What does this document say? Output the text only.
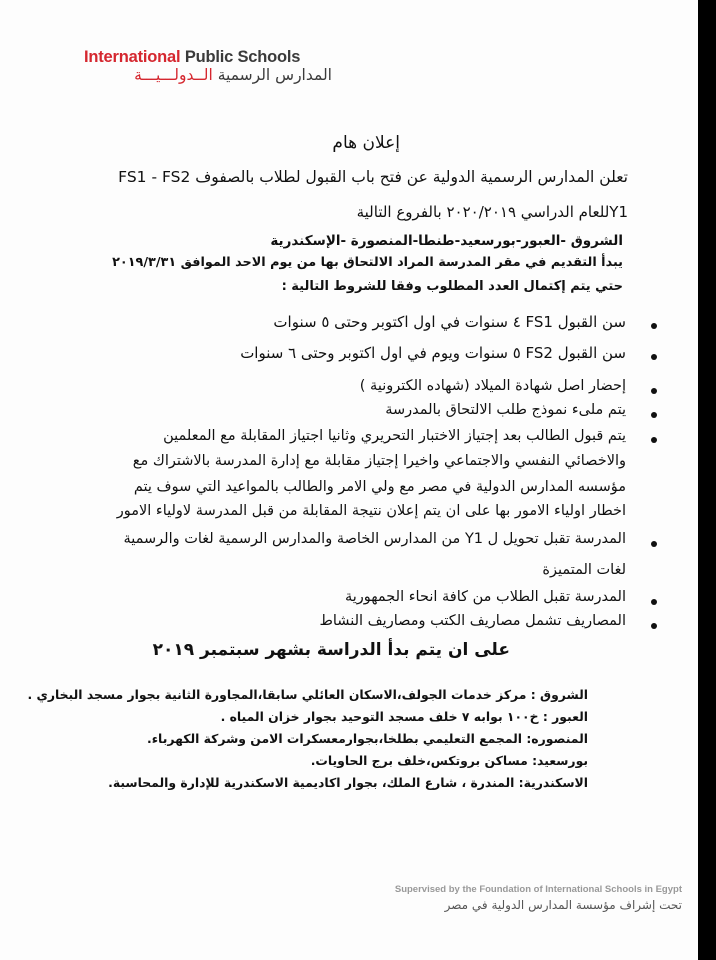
International Public Schools
المدارس الرسمية الــدولـــيـــة
إعلان هام
تعلن المدارس الرسمية الدولية عن فتح باب القبول لطلاب بالصفوف FS1 - FS2
Y1للعام الدراسي ٢٠٢٠/٢٠١٩ بالفروع التالية
الشروق -العبور-بورسعيد-طنطا-المنصورة -الإسكندرية
يبدأ التقديم في مقر المدرسة المراد الالتحاق بها من يوم الاحد الموافق ٢٠١٩/٣/٣١
حتي يتم إكتمال العدد المطلوب وفقا للشروط التالية :
سن القبول FS1 ٤ سنوات في اول اكتوبر وحتى ٥ سنوات
سن القبول FS2 ٥ سنوات ويوم في اول اكتوبر وحتى ٦ سنوات
إحضار اصل شهادة الميلاد (شهاده الكترونية )
يتم ملىء نموذج طلب الالتحاق بالمدرسة
يتم قبول الطالب بعد إجتياز الاختبار التحريري وثانيا اجتياز المقابلة مع المعلمين
والاخصائي النفسي والاجتماعي واخيرا إجتياز مقابلة مع إدارة المدرسة بالاشتراك مع
مؤسسه المدارس الدولية في مصر مع ولي الامر والطالب بالمواعيد التي سوف يتم
اخطار اولياء الامور بها على ان يتم إعلان نتيجة المقابلة من قبل المدرسة لاولياء الامور
المدرسة تقبل تحويل ل Y1 من المدارس الخاصة والمدارس الرسمية لغات والرسمية
لغات المتميزة
المدرسة تقبل الطلاب من كافة انحاء الجمهورية
المصاريف تشمل مصاريف الكتب ومصاريف النشاط
على ان يتم بدأ الدراسة بشهر سبتمبر ٢٠١٩
الشروق : مركز خدمات الجولف،الاسكان العائلي سابقا،المجاورة الثانية بجوار مسجد البخاري .
العبور : خ١٠٠ بوابه ٧ خلف مسجد التوحيد بجوار خزان المياه .
المنصوره: المجمع التعليمي بطلخا،بجوارمعسكرات الامن وشركة الكهرباء.
بورسعيد: مساكن بروتكس،خلف برج الحاويات.
الاسكندرية: المندرة ، شارع الملك، بجوار اكاديمية الاسكندرية للإدارة والمحاسبة.
Supervised by the Foundation of International Schools in Egypt
تحت إشراف مؤسسة المدارس الدولية في مصر
